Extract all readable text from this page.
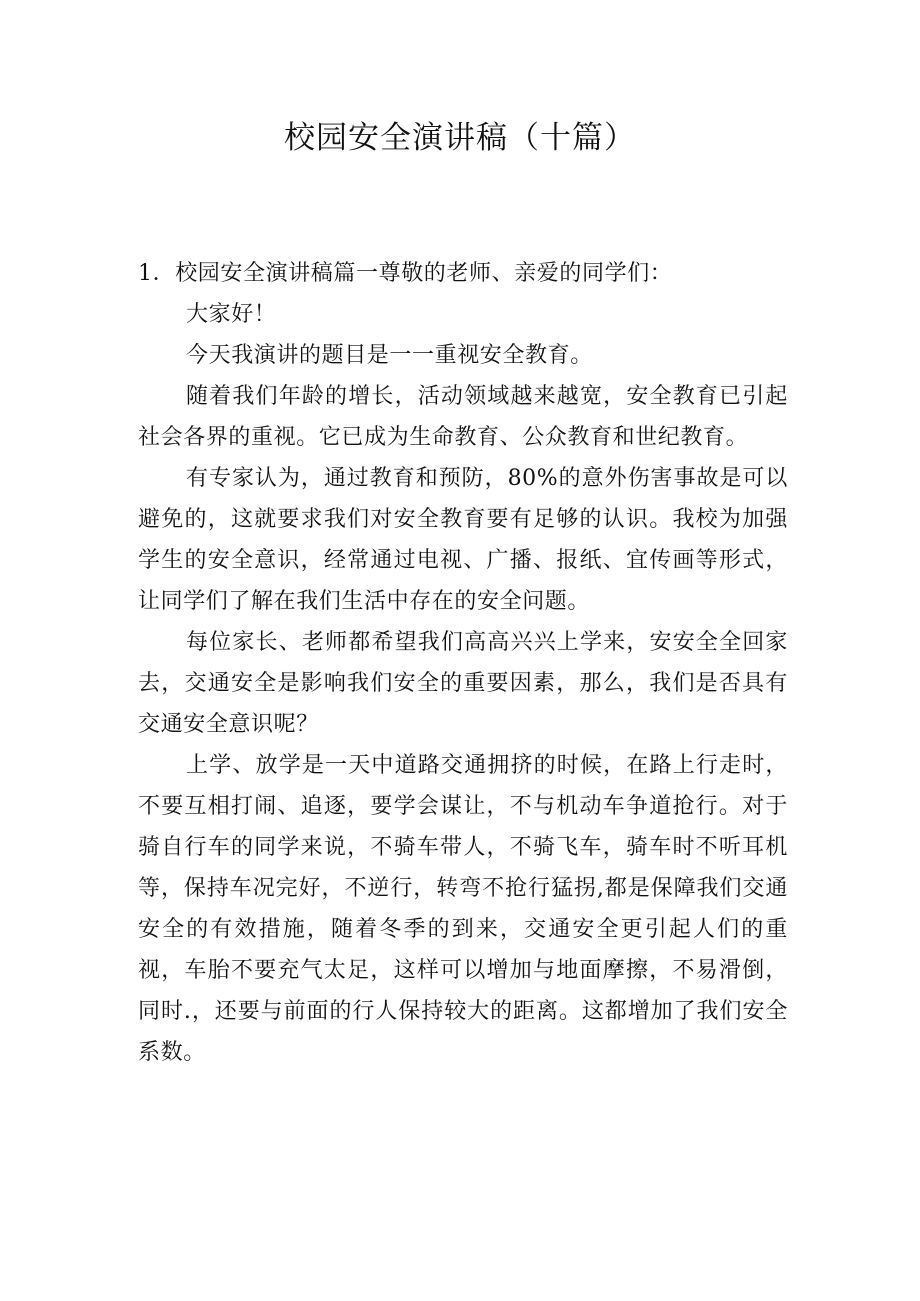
校园安全演讲稿（十篇）

1．校园安全演讲稿篇一尊敬的老师、亲爱的同学们：

大家好！

今天我演讲的题目是一一重视安全教育。

随着我们年龄的增长，活动领域越来越宽，安全教育已引起社会各界的重视。它已成为生命教育、公众教育和世纪教育。

有专家认为，通过教育和预防，80%的意外伤害事故是可以避免的，这就要求我们对安全教育要有足够的认识。我校为加强学生的安全意识，经常通过电视、广播、报纸、宜传画等形式，让同学们了解在我们生活中存在的安全问题。

每位家长、老师都希望我们高高兴兴上学来，安安全全回家去，交通安全是影响我们安全的重要因素，那么，我们是否具有交通安全意识呢？

上学、放学是一天中道路交通拥挤的时候，在路上行走时，不要互相打闹、追逐，要学会谋让，不与机动车争道抢行。对于骑自行车的同学来说，不骑车带人，不骑飞车，骑车时不听耳机等，保持车况完好，不逆行，转弯不抢行猛拐,都是保障我们交通安全的有效措施，随着冬季的到来，交通安全更引起人们的重视，车胎不要充气太足，这样可以增加与地面摩擦，不易滑倒，同时.，还要与前面的行人保持较大的距离。这都增加了我们安全系数。
